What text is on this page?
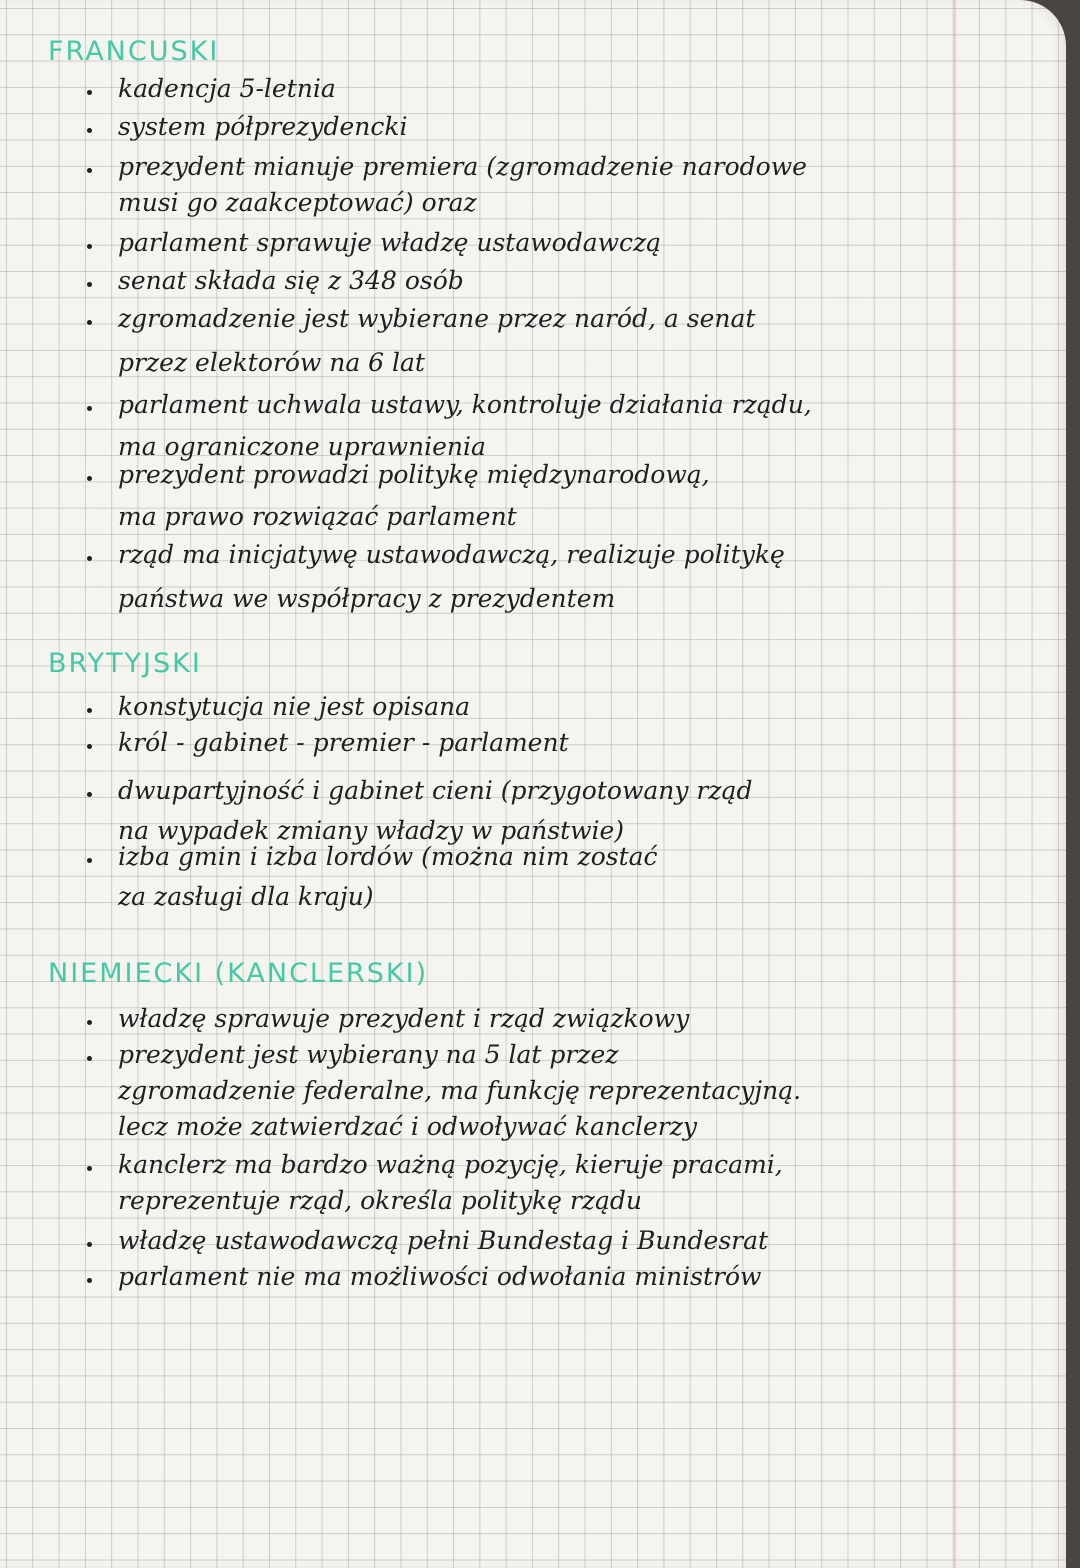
FRANCUSKI

kadencja 5-letnia

system półprezydencki

prezydent mianuje premiera (zgromadzenie narodowe

musi go zaakceptować) oraz

parlament sprawuje władzę ustawodawczą

senat składa się z 348 osób

zgromadzenie jest wybierane przez naród, a senat

przez elektorów na 6 lat

parlament uchwala ustawy, kontroluje działania rządu,

ma ograniczone uprawnienia

prezydent prowadzi politykę międzynarodową,

ma prawo rozwiązać parlament

rząd ma inicjatywę ustawodawczą, realizuje politykę

państwa we współpracy z prezydentem

BRYTYJSKI

konstytucja nie jest opisana

król - gabinet - premier - parlament

dwupartyjność i gabinet cieni (przygotowany rząd

na wypadek zmiany władzy w państwie)

izba gmin i izba lordów (można nim zostać

za zasługi dla kraju)

NIEMIECKI (KANCLERSKI)

władzę sprawuje prezydent i rząd związkowy

prezydent jest wybierany na 5 lat przez

zgromadzenie federalne, ma funkcję reprezentacyjną.

lecz może zatwierdzać i odwoływać kanclerzy

kanclerz ma bardzo ważną pozycję, kieruje pracami,

reprezentuje rząd, określa politykę rządu

władzę ustawodawczą pełni Bundestag i Bundesrat

parlament nie ma możliwości odwołania ministrów
